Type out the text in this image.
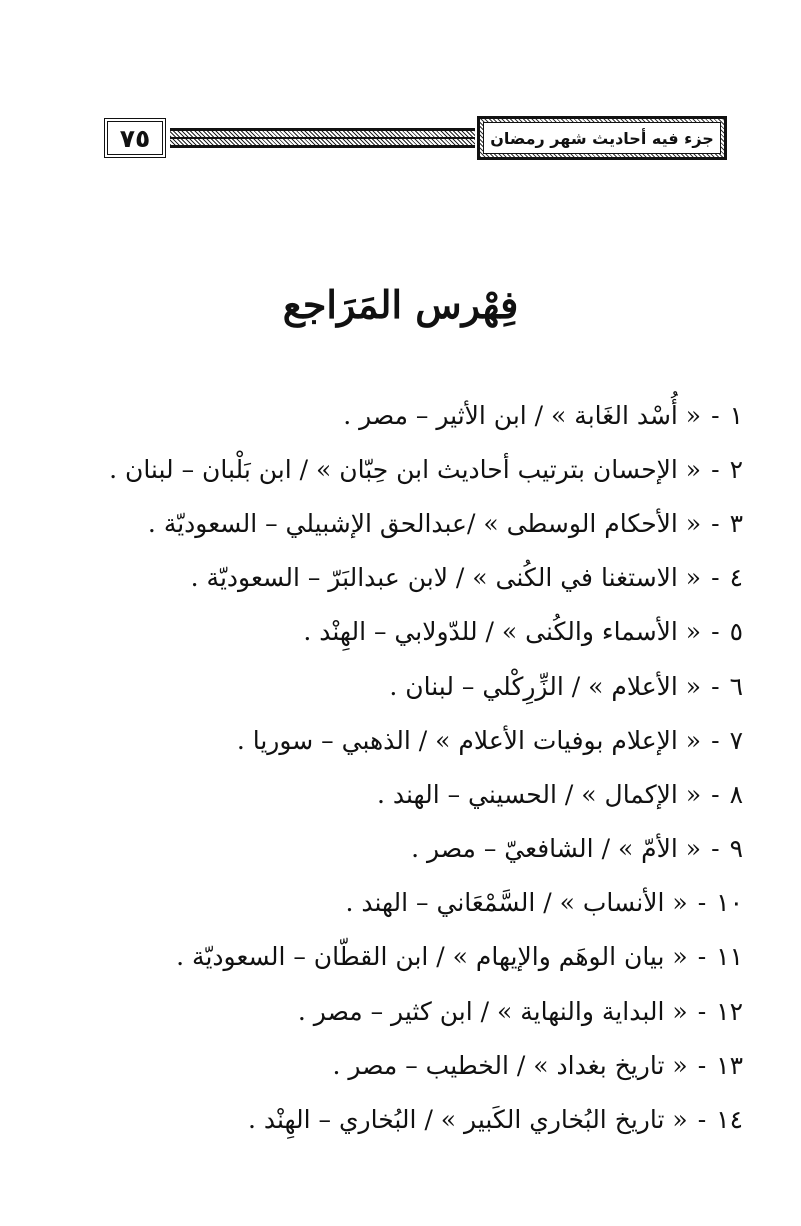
٧٥	جزء فيه أحاديث شهر رمضان
فِهْرس المَرَاجع
١
-
« أُسْد الغَابة » / ابن الأثير – مصر .
٢
-
« الإحسان بترتيب أحاديث ابن حِبّان » / ابن بَلْبان – لبنان .
٣
-
« الأحكام الوسطى » /عبدالحق الإشبيلي – السعوديّة .
٤
-
« الاستغنا في الكُنى » / لابن عبدالبَرّ – السعوديّة .
٥
-
« الأسماء والكُنى » / للدّولابي – الهِنْد .
٦
-
« الأعلام » / الزِّرِكْلي – لبنان .
٧
-
« الإعلام بوفيات الأعلام » / الذهبي – سوريا .
٨
-
« الإكمال » / الحسيني – الهند .
٩
-
« الأمّ » / الشافعيّ – مصر .
١٠
-
« الأنساب » / السَّمْعَاني – الهند .
١١
-
« بيان الوهَم والإيهام » / ابن القطّان – السعوديّة .
١٢
-
« البداية والنهاية » / ابن كثير – مصر .
١٣
-
« تاريخ بغداد » / الخطيب – مصر .
١٤
-
« تاريخ البُخاري الكَبير » / البُخاري – الهِنْد .
